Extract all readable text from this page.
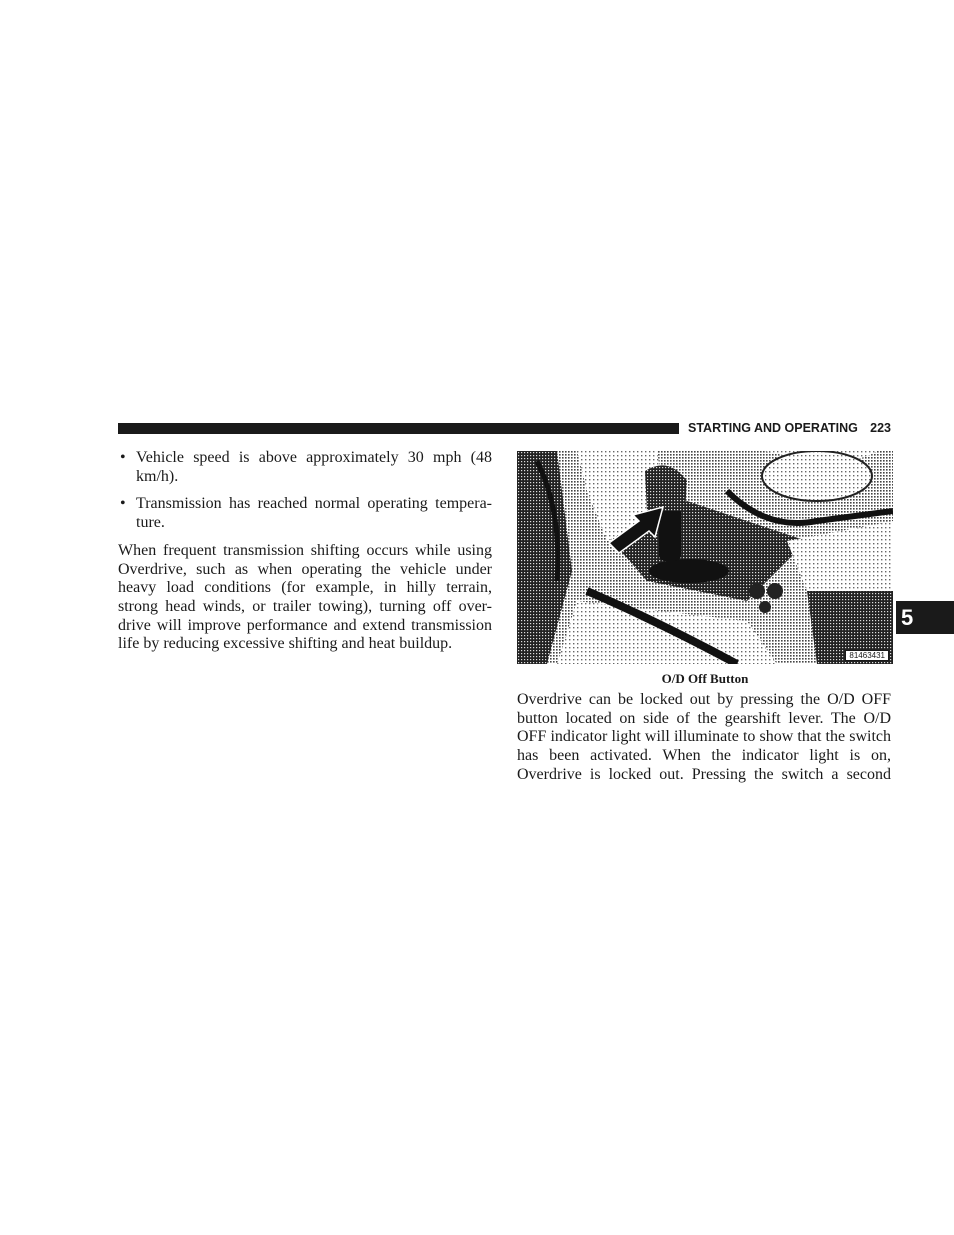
STARTING AND OPERATING 223
5

• Vehicle speed is above approximately 30 mph (48 km/h).

• Transmission has reached normal operating tempera-ture.

When frequent transmission shifting occurs while using Overdrive, such as when operating the vehicle under heavy load conditions (for example, in hilly terrain, strong head winds, or trailer towing), turning off over-drive will improve performance and extend transmission life by reducing excessive shifting and heat buildup.

81463431
O/D Off Button

Overdrive can be locked out by pressing the O/D OFF button located on side of the gearshift lever. The O/D OFF indicator light will illuminate to show that the switch has been activated. When the indicator light is on, Overdrive is locked out. Pressing the switch a second
